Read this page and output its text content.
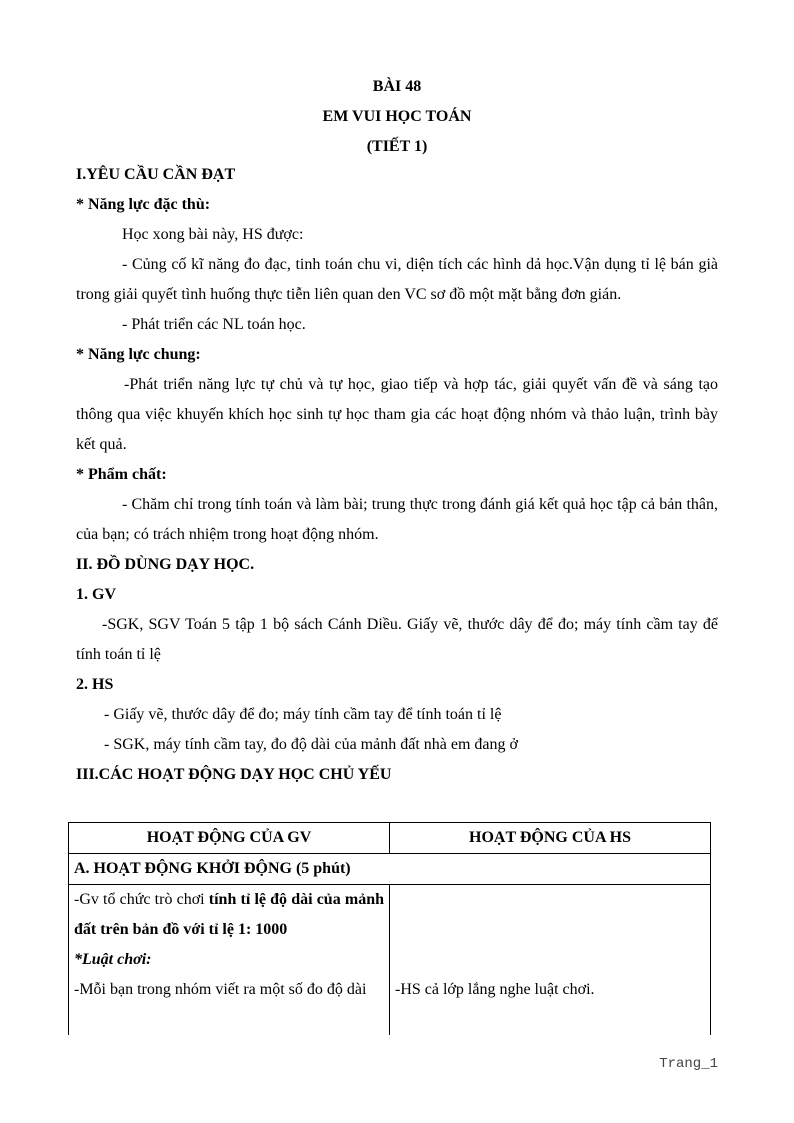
BÀI 48
EM VUI HỌC TOÁN
(TIẾT 1)
I.YÊU CẦU CẦN ĐẠT
* Năng lực đặc thù:
Học xong bài này, HS được:

- Củng cố kĩ năng đo đạc, tinh toán chu vi, diện tích các hình dả học.Vận dụng tỉ lệ bán già trong giải quyết tình huống thực tiễn liên quan den VC sơ đồ một mặt bằng đơn gián.

- Phát triển các NL toán học.
* Năng lực chung:

-Phát triển năng lực tự chủ và tự học, giao tiếp và hợp tác, giải quyết vấn đề và sáng tạo thông qua việc khuyến khích học sinh tự học tham gia các hoạt động nhóm và thảo luận, trình bày kết quả.

* Phẩm chất:

- Chăm chỉ trong tính toán và làm bài; trung thực trong đánh giá kết quả học tập cả bản thân, của bạn; có trách nhiệm trong hoạt động nhóm.

II. ĐỒ DÙNG DẠY HỌC.
1. GV

-SGK, SGV Toán 5 tập 1 bộ sách Cánh Diều. Giấy vẽ, thước dây để đo; máy tính cầm tay để tính toán tỉ lệ

2. HS
- Giấy vẽ, thước dây để đo; máy tính cầm tay để tính toán tỉ lệ
- SGK, máy tính cầm tay, đo độ dài của mảnh đất nhà em đang ở
III.CÁC HOẠT ĐỘNG DẠY HỌC CHỦ YẾU
HOẠT ĐỘNG CỦA GV	HOẠT ĐỘNG CỦA HS
A. HOẠT ĐỘNG KHỞI ĐỘNG (5 phút)	
-Gv tổ chức trò chơi tính tỉ lệ độ dài của mảnh đất trên bản đồ với tỉ lệ 1: 1000
*Luật chơi:
-Mỗi bạn trong nhóm viết ra một số đo độ dài	-HS cả lớp lắng nghe luật chơi.
Trang_1
